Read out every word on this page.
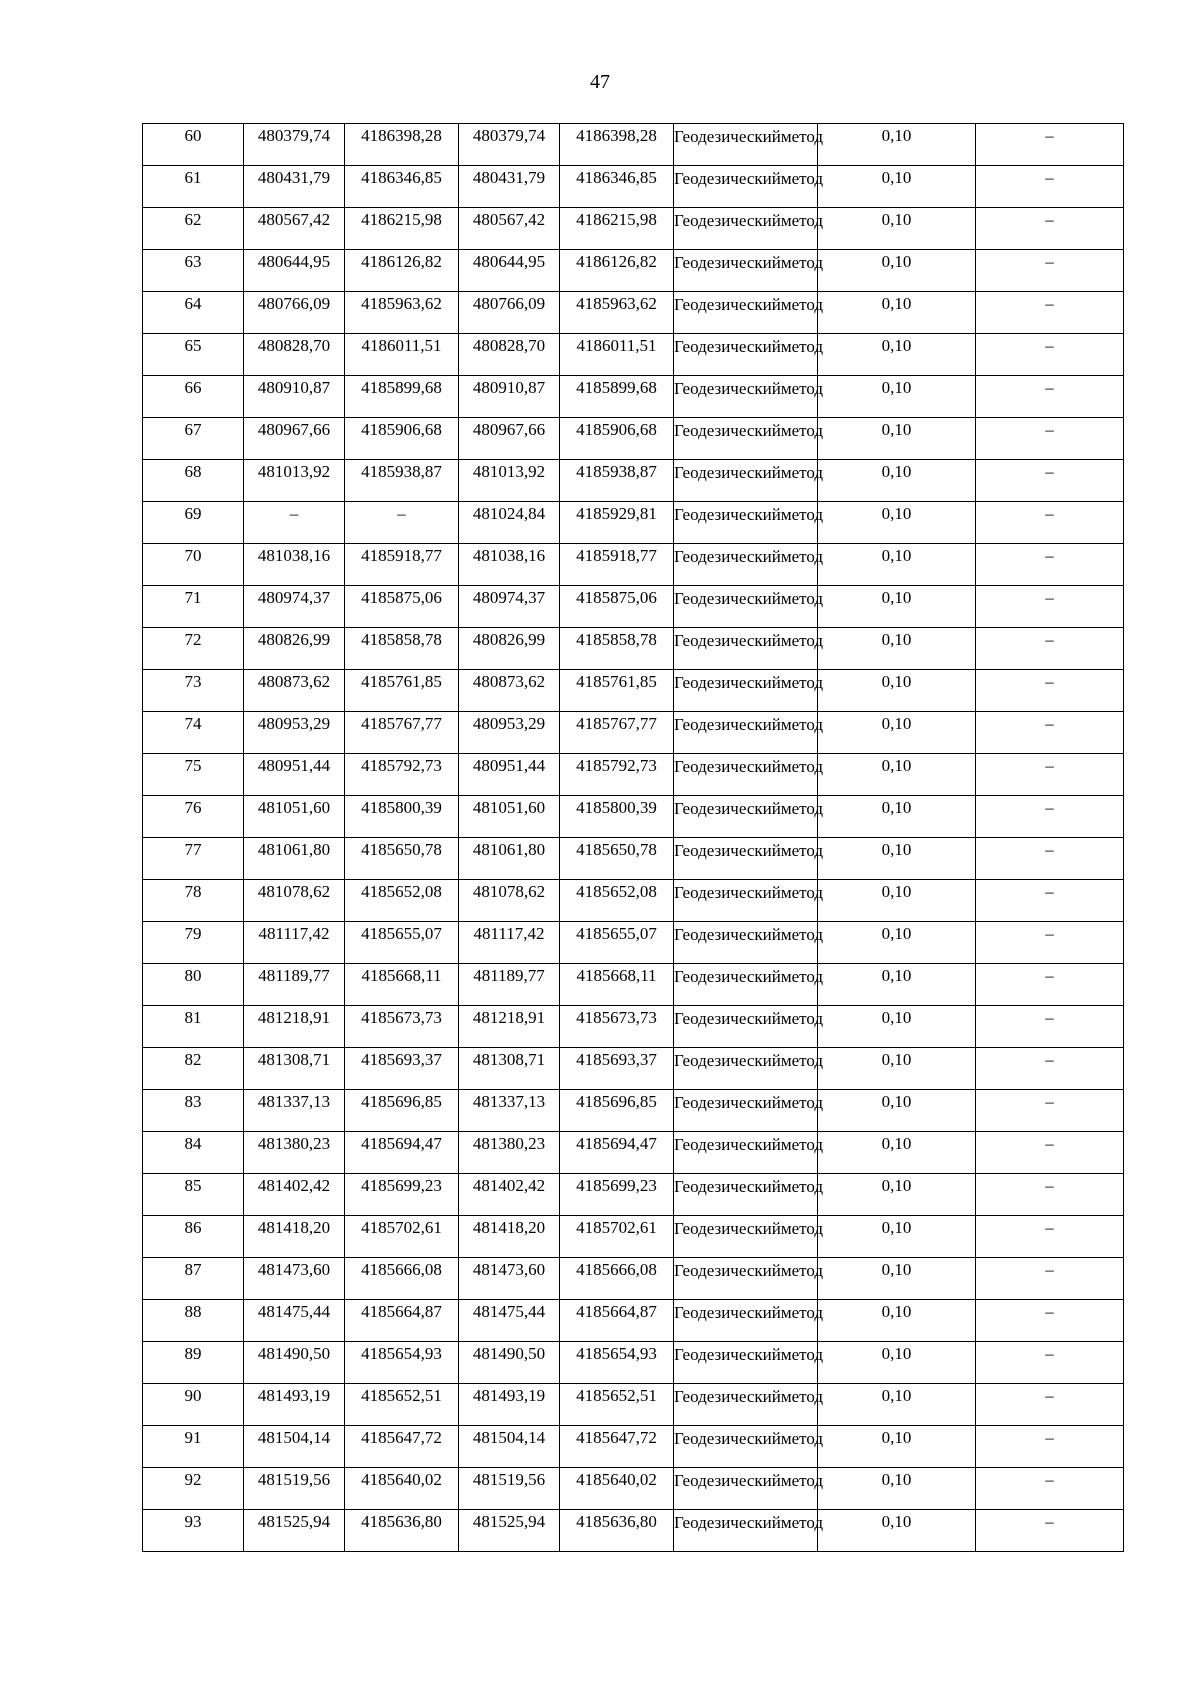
47
60	480379,74	4186398,28	480379,74	4186398,28	Геодезическийметод	0,10	–

61	480431,79	4186346,85	480431,79	4186346,85	Геодезическийметод	0,10	–

62	480567,42	4186215,98	480567,42	4186215,98	Геодезическийметод	0,10	–

63	480644,95	4186126,82	480644,95	4186126,82	Геодезическийметод	0,10	–

64	480766,09	4185963,62	480766,09	4185963,62	Геодезическийметод	0,10	–

65	480828,70	4186011,51	480828,70	4186011,51	Геодезическийметод	0,10	–

66	480910,87	4185899,68	480910,87	4185899,68	Геодезическийметод	0,10	–

67	480967,66	4185906,68	480967,66	4185906,68	Геодезическийметод	0,10	–

68	481013,92	4185938,87	481013,92	4185938,87	Геодезическийметод	0,10	–

69	–	–	481024,84	4185929,81	Геодезическийметод	0,10	–

70	481038,16	4185918,77	481038,16	4185918,77	Геодезическийметод	0,10	–

71	480974,37	4185875,06	480974,37	4185875,06	Геодезическийметод	0,10	–

72	480826,99	4185858,78	480826,99	4185858,78	Геодезическийметод	0,10	–

73	480873,62	4185761,85	480873,62	4185761,85	Геодезическийметод	0,10	–

74	480953,29	4185767,77	480953,29	4185767,77	Геодезическийметод	0,10	–

75	480951,44	4185792,73	480951,44	4185792,73	Геодезическийметод	0,10	–

76	481051,60	4185800,39	481051,60	4185800,39	Геодезическийметод	0,10	–

77	481061,80	4185650,78	481061,80	4185650,78	Геодезическийметод	0,10	–

78	481078,62	4185652,08	481078,62	4185652,08	Геодезическийметод	0,10	–

79	481117,42	4185655,07	481117,42	4185655,07	Геодезическийметод	0,10	–

80	481189,77	4185668,11	481189,77	4185668,11	Геодезическийметод	0,10	–

81	481218,91	4185673,73	481218,91	4185673,73	Геодезическийметод	0,10	–

82	481308,71	4185693,37	481308,71	4185693,37	Геодезическийметод	0,10	–

83	481337,13	4185696,85	481337,13	4185696,85	Геодезическийметод	0,10	–

84	481380,23	4185694,47	481380,23	4185694,47	Геодезическийметод	0,10	–

85	481402,42	4185699,23	481402,42	4185699,23	Геодезическийметод	0,10	–

86	481418,20	4185702,61	481418,20	4185702,61	Геодезическийметод	0,10	–

87	481473,60	4185666,08	481473,60	4185666,08	Геодезическийметод	0,10	–

88	481475,44	4185664,87	481475,44	4185664,87	Геодезическийметод	0,10	–

89	481490,50	4185654,93	481490,50	4185654,93	Геодезическийметод	0,10	–

90	481493,19	4185652,51	481493,19	4185652,51	Геодезическийметод	0,10	–

91	481504,14	4185647,72	481504,14	4185647,72	Геодезическийметод	0,10	–

92	481519,56	4185640,02	481519,56	4185640,02	Геодезическийметод	0,10	–

93	481525,94	4185636,80	481525,94	4185636,80	Геодезическийметод	0,10	–
